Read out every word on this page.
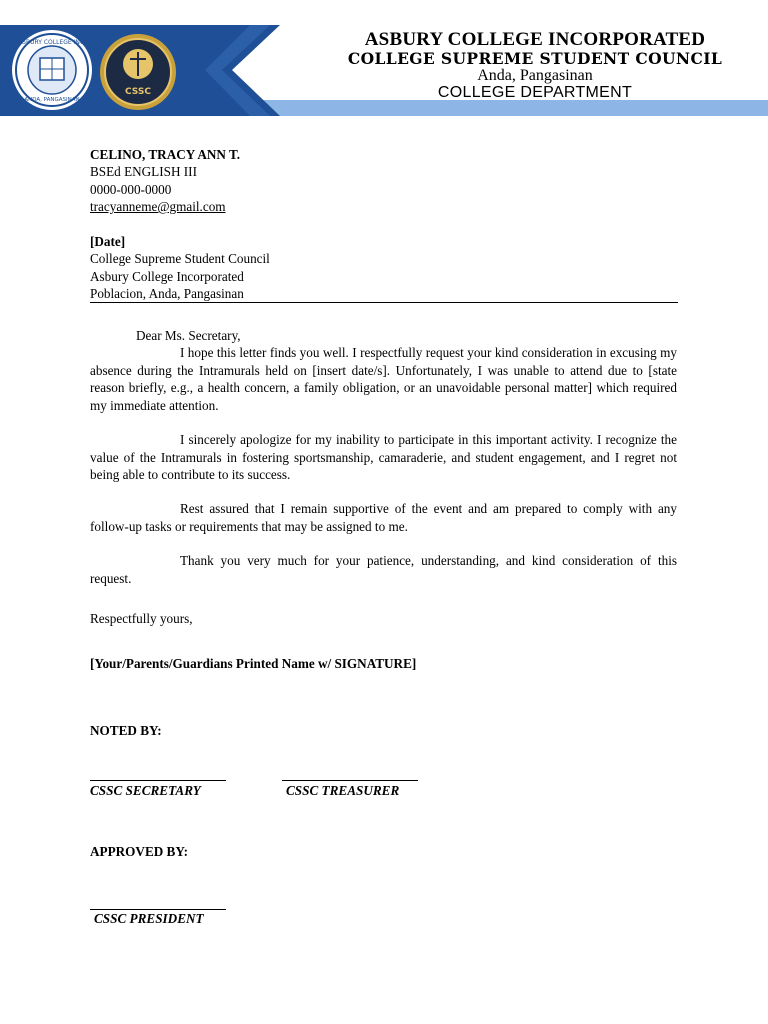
ASBURY COLLEGE INC.
ANDA, PANGASINAN
CSSC
ASBURY COLLEGE INCORPORATED
COLLEGE SUPREME STUDENT COUNCIL
Anda, Pangasinan
COLLEGE DEPARTMENT
CELINO, TRACY ANN T.
BSEd ENGLISH III
0000-000-0000
tracyanneme@gmail.com
[Date]
College Supreme Student Council
Asbury College Incorporated
Poblacion, Anda, Pangasinan
Dear Ms. Secretary,
I hope this letter finds you well. I respectfully request your kind consideration in excusing my absence during the Intramurals held on [insert date/s]. Unfortunately, I was unable to attend due to [state reason briefly, e.g., a health concern, a family obligation, or an unavoidable personal matter] which required my immediate attention.
I sincerely apologize for my inability to participate in this important activity. I recognize the value of the Intramurals in fostering sportsmanship, camaraderie, and student engagement, and I regret not being able to contribute to its success.
Rest assured that I remain supportive of the event and am prepared to comply with any follow-up tasks or requirements that may be assigned to me.
Thank you very much for your patience, understanding, and kind consideration of this request.
Respectfully yours,
[Your/Parents/Guardians Printed Name w/ SIGNATURE]
NOTED BY:
CSSC SECRETARY	CSSC TREASURER
APPROVED BY:
CSSC PRESIDENT
